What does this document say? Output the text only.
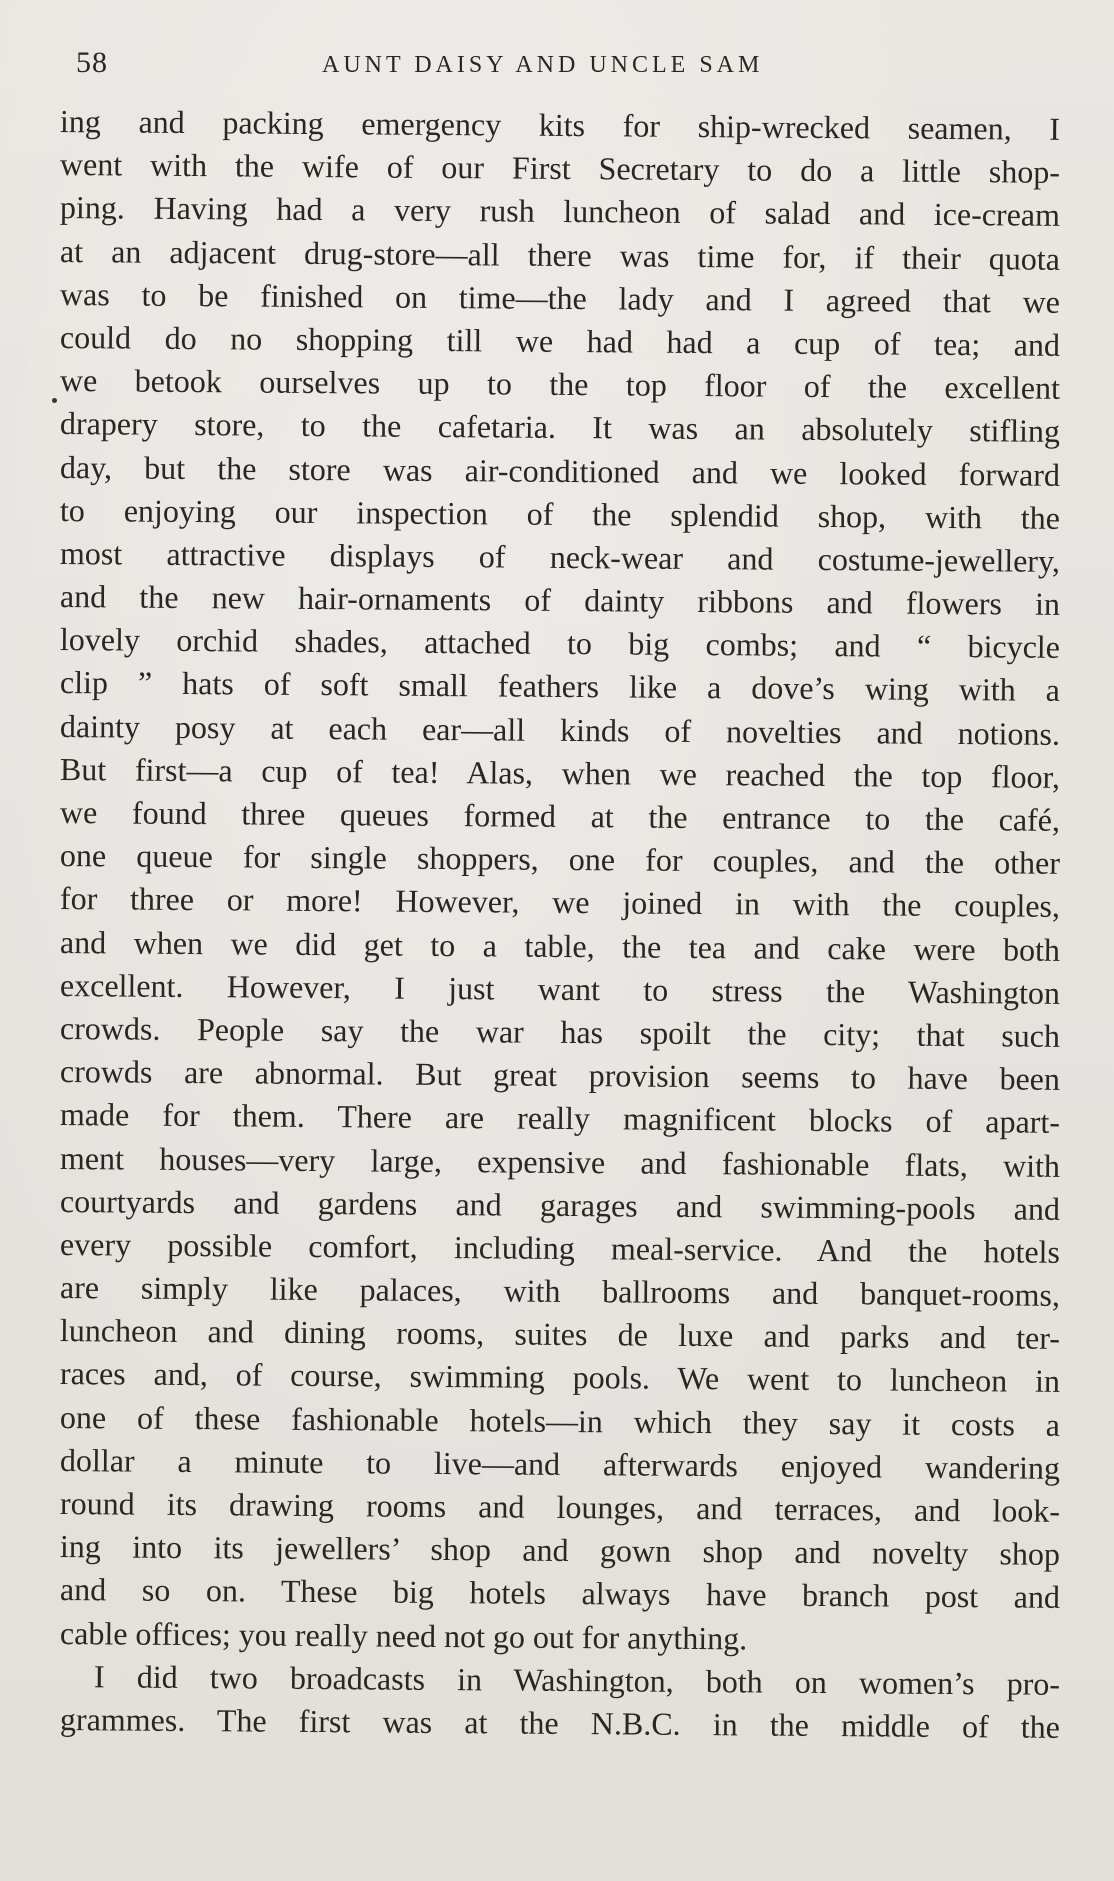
58	AUNT DAISY AND UNCLE SAM
ing and packing emergency kits for ship-wrecked seamen, I
went with the wife of our First Secretary to do a little shop-
ping. Having had a very rush luncheon of salad and ice-cream
at an adjacent drug-store—all there was time for, if their quota
was to be finished on time—the lady and I agreed that we
could do no shopping till we had had a cup of tea; and
we betook ourselves up to the top floor of the excellent
drapery store, to the cafetaria. It was an absolutely stifling
day, but the store was air-conditioned and we looked forward
to enjoying our inspection of the splendid shop, with the
most attractive displays of neck-wear and costume-jewellery,
and the new hair-ornaments of dainty ribbons and flowers in
lovely orchid shades, attached to big combs; and “ bicycle
clip ” hats of soft small feathers like a dove’s wing with a
dainty posy at each ear—all kinds of novelties and notions.
But first—a cup of tea! Alas, when we reached the top floor,
we found three queues formed at the entrance to the café,
one queue for single shoppers, one for couples, and the other
for three or more! However, we joined in with the couples,
and when we did get to a table, the tea and cake were both
excellent. However, I just want to stress the Washington
crowds. People say the war has spoilt the city; that such
crowds are abnormal. But great provision seems to have been
made for them. There are really magnificent blocks of apart-
ment houses—very large, expensive and fashionable flats, with
courtyards and gardens and garages and swimming-pools and
every possible comfort, including meal-service. And the hotels
are simply like palaces, with ballrooms and banquet-rooms,
luncheon and dining rooms, suites de luxe and parks and ter-
races and, of course, swimming pools. We went to luncheon in
one of these fashionable hotels—in which they say it costs a
dollar a minute to live—and afterwards enjoyed wandering
round its drawing rooms and lounges, and terraces, and look-
ing into its jewellers’ shop and gown shop and novelty shop
and so on. These big hotels always have branch post and
cable offices; you really need not go out for anything.
I did two broadcasts in Washington, both on women’s pro-
grammes. The first was at the N.B.C. in the middle of the
